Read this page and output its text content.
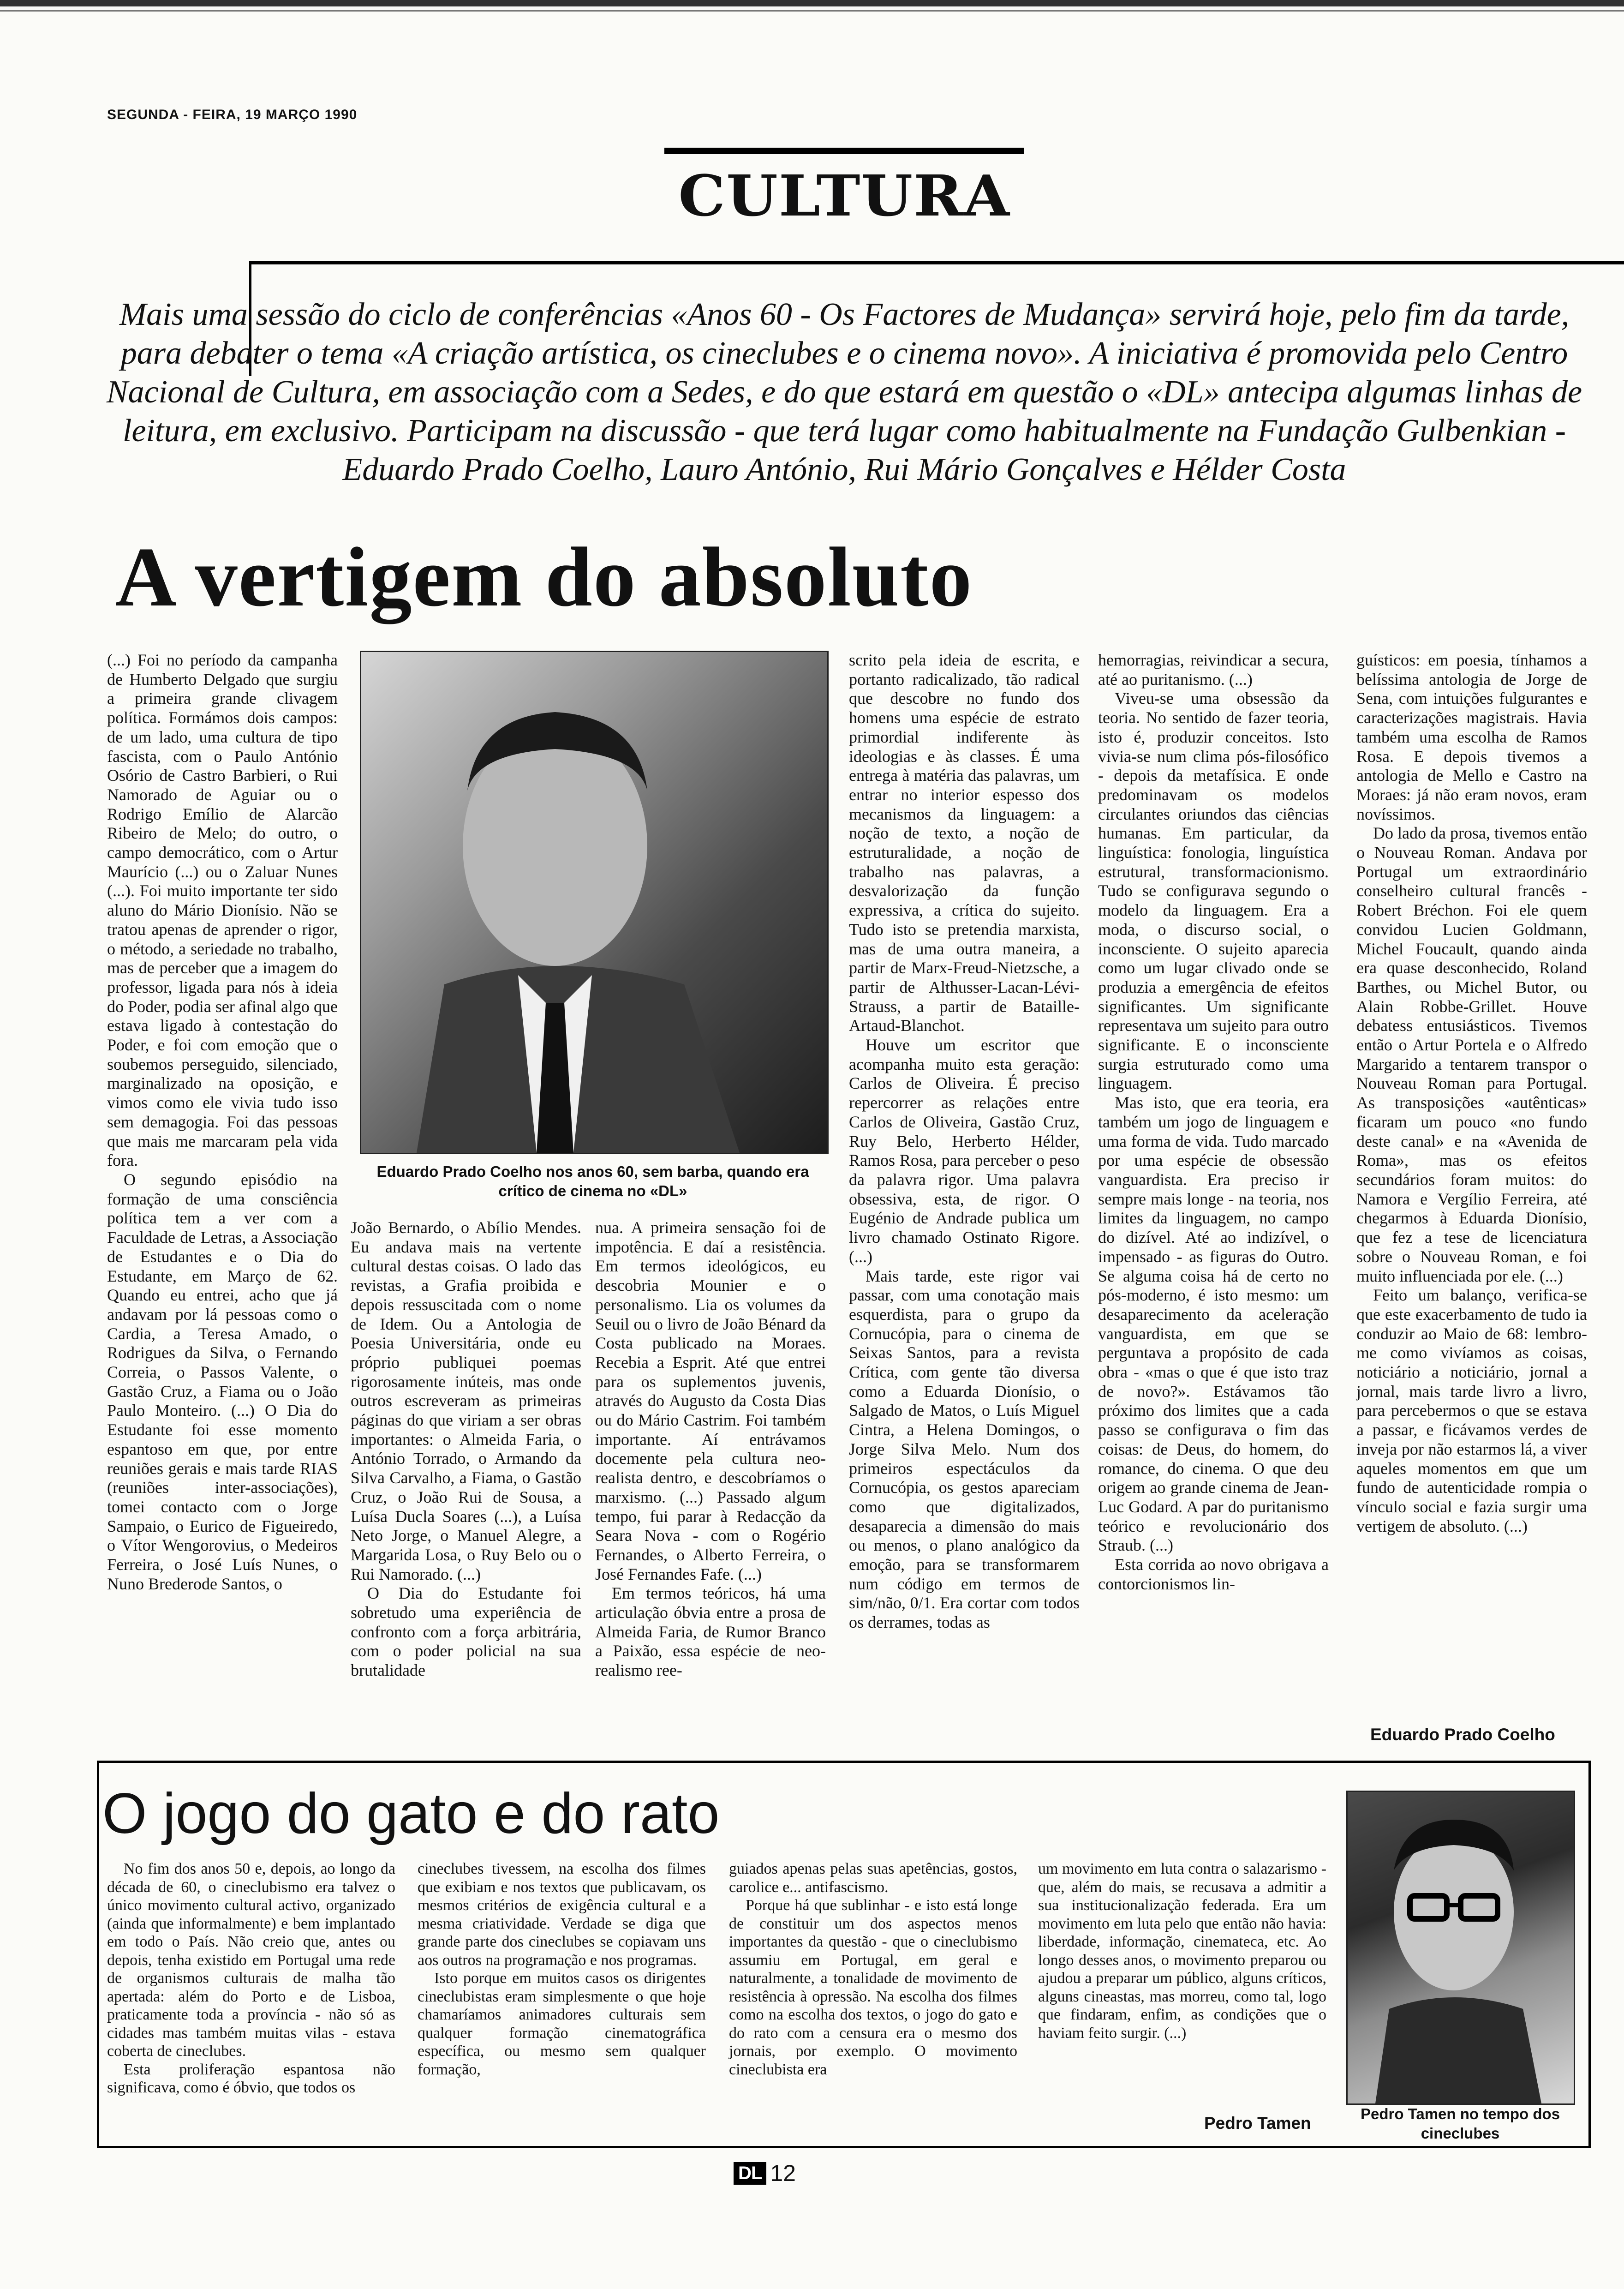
SEGUNDA - FEIRA, 19 MARÇO 1990
CULTURA
Mais uma sessão do ciclo de conferências «Anos 60 - Os Factores de Mudança» servirá hoje, pelo fim da tarde, para debater o tema «A criação artística, os cineclubes e o cinema novo». A iniciativa é promovida pelo Centro Nacional de Cultura, em associação com a Sedes, e do que estará em questão o «DL» antecipa algumas linhas de leitura, em exclusivo. Participam na discussão - que terá lugar como habitualmente na Fundação Gulbenkian - Eduardo Prado Coelho, Lauro António, Rui Mário Gonçalves e Hélder Costa
A vertigem do absoluto

(...) Foi no período da campanha de Humberto Delgado que surgiu a primeira grande clivagem política. Formámos dois campos: de um lado, uma cultura de tipo fascista, com o Paulo António Osório de Castro Barbieri, o Rui Namorado de Aguiar ou o Rodrigo Emílio de Alarcão Ribeiro de Melo; do outro, o campo democrático, com o Artur Maurício (...) ou o Zaluar Nunes (...). Foi muito importante ter sido aluno do Mário Dionísio. Não se tratou apenas de aprender o rigor, o método, a seriedade no trabalho, mas de perceber que a imagem do professor, ligada para nós à ideia do Poder, podia ser afinal algo que estava ligado à contestação do Poder, e foi com emoção que o soubemos perseguido, silenciado, marginalizado na oposição, e vimos como ele vivia tudo isso sem demagogia. Foi das pessoas que mais me marcaram pela vida fora.

O segundo episódio na formação de uma consciência política tem a ver com a Faculdade de Letras, a Associação de Estudantes e o Dia do Estudante, em Março de 62. Quando eu entrei, acho que já andavam por lá pessoas como o Cardia, a Teresa Amado, o Rodrigues da Silva, o Fernando Correia, o Passos Valente, o Gastão Cruz, a Fiama ou o João Paulo Monteiro. (...) O Dia do Estudante foi esse momento espantoso em que, por entre reuniões gerais e mais tarde RIAS (reuniões inter-associações), tomei contacto com o Jorge Sampaio, o Eurico de Figueiredo, o Vítor Wengorovius, o Medeiros Ferreira, o José Luís Nunes, o Nuno Brederode Santos, o

Eduardo Prado Coelho nos anos 60, sem barba, quando era crítico de cinema no «DL»

João Bernardo, o Abílio Mendes. Eu andava mais na vertente cultural destas coisas. O lado das revistas, a Grafia proibida e depois ressuscitada com o nome de Idem. Ou a Antologia de Poesia Universitária, onde eu próprio publiquei poemas rigorosamente inúteis, mas onde outros escreveram as primeiras páginas do que viriam a ser obras importantes: o Almeida Faria, o António Torrado, o Armando da Silva Carvalho, a Fiama, o Gastão Cruz, o João Rui de Sousa, a Luísa Ducla Soares (...), a Luísa Neto Jorge, o Manuel Alegre, a Margarida Losa, o Ruy Belo ou o Rui Namorado. (...)

O Dia do Estudante foi sobretudo uma experiência de confronto com a força arbitrária, com o poder policial na sua brutalidade

nua. A primeira sensação foi de impotência. E daí a resistência. Em termos ideológicos, eu descobria Mounier e o personalismo. Lia os volumes da Seuil ou o livro de João Bénard da Costa publicado na Moraes. Recebia a Esprit. Até que entrei para os suplementos juvenis, através do Augusto da Costa Dias ou do Mário Castrim. Foi também importante. Aí entrávamos docemente pela cultura neo-realista dentro, e descobríamos o marxismo. (...) Passado algum tempo, fui parar à Redacção da Seara Nova - com o Rogério Fernandes, o Alberto Ferreira, o José Fernandes Fafe. (...)

Em termos teóricos, há uma articulação óbvia entre a prosa de Almeida Faria, de Rumor Branco a Paixão, essa espécie de neo-realismo ree-

scrito pela ideia de escrita, e portanto radicalizado, tão radical que descobre no fundo dos homens uma espécie de estrato primordial indiferente às ideologias e às classes. É uma entrega à matéria das palavras, um entrar no interior espesso dos mecanismos da linguagem: a noção de texto, a noção de estruturalidade, a noção de trabalho nas palavras, a desvalorização da função expressiva, a crítica do sujeito. Tudo isto se pretendia marxista, mas de uma outra maneira, a partir de Marx-Freud-Nietzsche, a partir de Althusser-Lacan-Lévi-Strauss, a partir de Bataille-Artaud-Blanchot.

Houve um escritor que acompanha muito esta geração: Carlos de Oliveira. É preciso repercorrer as relações entre Carlos de Oliveira, Gastão Cruz, Ruy Belo, Herberto Hélder, Ramos Rosa, para perceber o peso da palavra rigor. Uma palavra obsessiva, esta, de rigor. O Eugénio de Andrade publica um livro chamado Ostinato Rigore. (...)

Mais tarde, este rigor vai passar, com uma conotação mais esquerdista, para o grupo da Cornucópia, para o cinema de Seixas Santos, para a revista Crítica, com gente tão diversa como a Eduarda Dionísio, o Salgado de Matos, o Luís Miguel Cintra, a Helena Domingos, o Jorge Silva Melo. Num dos primeiros espectáculos da Cornucópia, os gestos apareciam como que digitalizados, desaparecia a dimensão do mais ou menos, o plano analógico da emoção, para se transformarem num código em termos de sim/não, 0/1. Era cortar com todos os derrames, todas as

hemorragias, reivindicar a secura, até ao puritanismo. (...)

Viveu-se uma obsessão da teoria. No sentido de fazer teoria, isto é, produzir conceitos. Isto vivia-se num clima pós-filosófico - depois da metafísica. E onde predominavam os modelos circulantes oriundos das ciências humanas. Em particular, da linguística: fonologia, linguística estrutural, transformacionismo. Tudo se configurava segundo o modelo da linguagem. Era a moda, o discurso social, o inconsciente. O sujeito aparecia como um lugar clivado onde se produzia a emergência de efeitos significantes. Um significante representava um sujeito para outro significante. E o inconsciente surgia estruturado como uma linguagem.

Mas isto, que era teoria, era também um jogo de linguagem e uma forma de vida. Tudo marcado por uma espécie de obsessão vanguardista. Era preciso ir sempre mais longe - na teoria, nos limites da linguagem, no campo do dizível. Até ao indizível, o impensado - as figuras do Outro. Se alguma coisa há de certo no pós-moderno, é isto mesmo: um desaparecimento da aceleração vanguardista, em que se perguntava a propósito de cada obra - «mas o que é que isto traz de novo?». Estávamos tão próximo dos limites que a cada passo se configurava o fim das coisas: de Deus, do homem, do romance, do cinema. O que deu origem ao grande cinema de Jean-Luc Godard. A par do puritanismo teórico e revolucionário dos Straub. (...)

Esta corrida ao novo obrigava a contorcionismos lin-

guísticos: em poesia, tínhamos a belíssima antologia de Jorge de Sena, com intuições fulgurantes e caracterizações magistrais. Havia também uma escolha de Ramos Rosa. E depois tivemos a antologia de Mello e Castro na Moraes: já não eram novos, eram novíssimos.

Do lado da prosa, tivemos então o Nouveau Roman. Andava por Portugal um extraordinário conselheiro cultural francês - Robert Bréchon. Foi ele quem convidou Lucien Goldmann, Michel Foucault, quando ainda era quase desconhecido, Roland Barthes, ou Michel Butor, ou Alain Robbe-Grillet. Houve debatess entusiásticos. Tivemos então o Artur Portela e o Alfredo Margarido a tentarem transpor o Nouveau Roman para Portugal. As transposições «autênticas» ficaram um pouco «no fundo deste canal» e na «Avenida de Roma», mas os efeitos secundários foram muitos: do Namora e Vergílio Ferreira, até chegarmos à Eduarda Dionísio, que fez a tese de licenciatura sobre o Nouveau Roman, e foi muito influenciada por ele. (...)

Feito um balanço, verifica-se que este exacerbamento de tudo ia conduzir ao Maio de 68: lembro-me como vivíamos as coisas, noticiário a noticiário, jornal a jornal, mais tarde livro a livro, para percebermos o que se estava a passar, e ficávamos verdes de inveja por não estarmos lá, a viver aqueles momentos em que um fundo de autenticidade rompia o vínculo social e fazia surgir uma vertigem de absoluto. (...)

Eduardo Prado Coelho
O jogo do gato e do rato

No fim dos anos 50 e, depois, ao longo da década de 60, o cineclubismo era talvez o único movimento cultural activo, organizado (ainda que informalmente) e bem implantado em todo o País. Não creio que, antes ou depois, tenha existido em Portugal uma rede de organismos culturais de malha tão apertada: além do Porto e de Lisboa, praticamente toda a província - não só as cidades mas também muitas vilas - estava coberta de cineclubes.

Esta proliferação espantosa não significava, como é óbvio, que todos os

cineclubes tivessem, na escolha dos filmes que exibiam e nos textos que publicavam, os mesmos critérios de exigência cultural e a mesma criatividade. Verdade se diga que grande parte dos cineclubes se copiavam uns aos outros na programação e nos programas.

Isto porque em muitos casos os dirigentes cineclubistas eram simplesmente o que hoje chamaríamos animadores culturais sem qualquer formação cinematográfica específica, ou mesmo sem qualquer formação,

guiados apenas pelas suas apetências, gostos, carolice e... antifascismo.

Porque há que sublinhar - e isto está longe de constituir um dos aspectos menos importantes da questão - que o cineclubismo assumiu em Portugal, em geral e naturalmente, a tonalidade de movimento de resistência à opressão. Na escolha dos filmes como na escolha dos textos, o jogo do gato e do rato com a censura era o mesmo dos jornais, por exemplo. O movimento cineclubista era

um movimento em luta contra o salazarismo - que, além do mais, se recusava a admitir a sua institucionalização federada. Era um movimento em luta pelo que então não havia: liberdade, informação, cinemateca, etc. Ao longo desses anos, o movimento preparou ou ajudou a preparar um público, alguns críticos, alguns cineastas, mas morreu, como tal, logo que findaram, enfim, as condições que o haviam feito surgir. (...)

Pedro Tamen no tempo dos cineclubes
Pedro Tamen
DL 12
